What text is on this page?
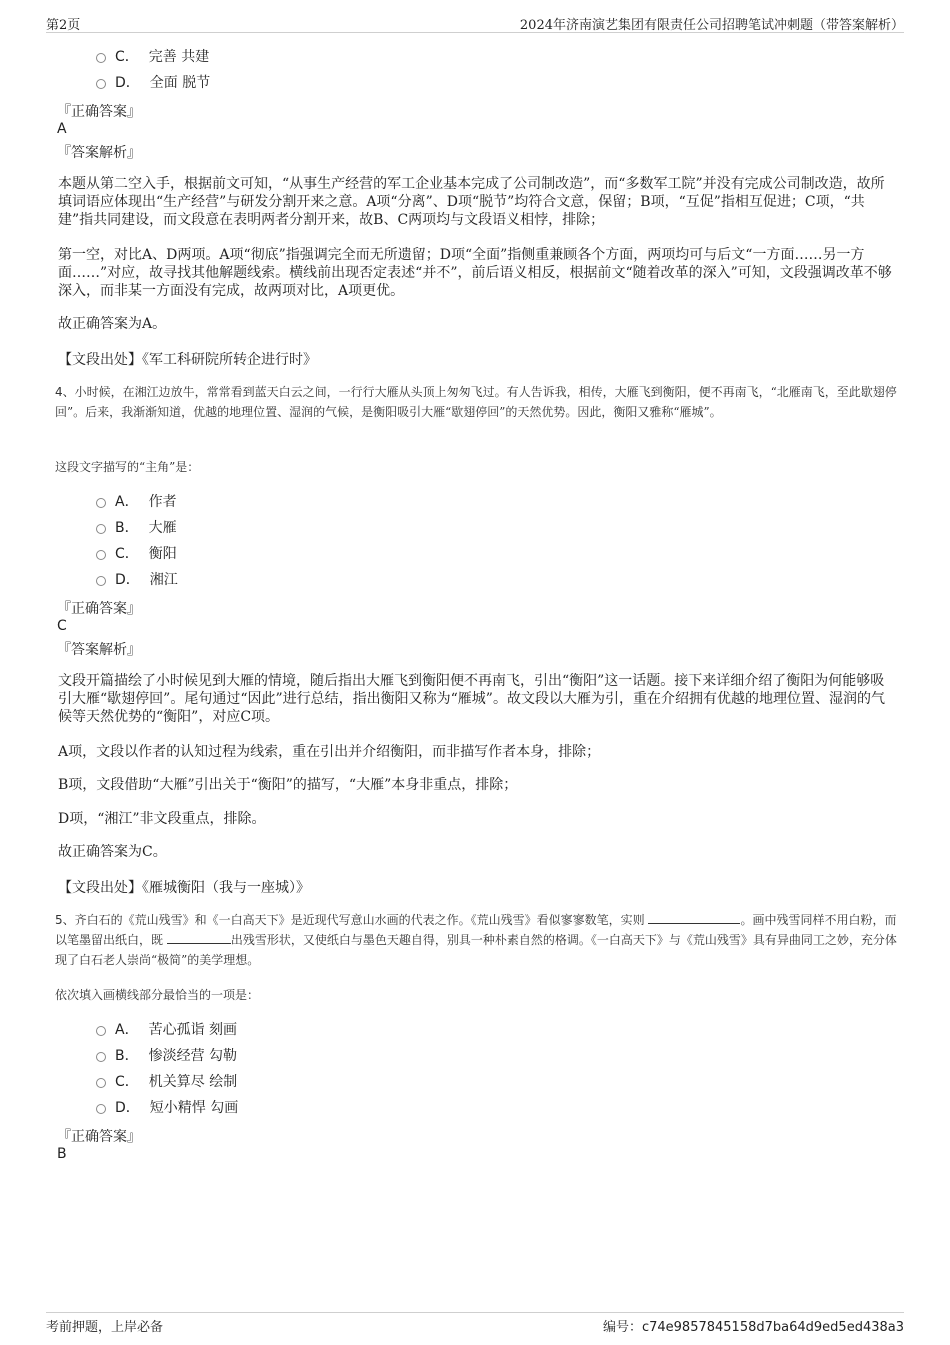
第2页	2024年济南演艺集团有限责任公司招聘笔试冲刺题（带答案解析）
C． 完善 共建
D． 全面 脱节
『正确答案』
A
『答案解析』
本题从第二空入手，根据前文可知，“从事生产经营的军工企业基本完成了公司制改造”，而“多数军工院”并没有完成公司制改造，故所填词语应体现出“生产经营”与研发分割开来之意。A项“分离”、D项“脱节”均符合文意，保留；B项，“互促”指相互促进；C项，“共建”指共同建设，而文段意在表明两者分割开来，故B、C两项均与文段语义相悖，排除；
第一空，对比A、D两项。A项“彻底”指强调完全而无所遗留；D项“全面”指侧重兼顾各个方面，两项均可与后文“一方面……另一方面……”对应，故寻找其他解题线索。横线前出现否定表述“并不”，前后语义相反，根据前文“随着改革的深入”可知，文段强调改革不够深入，而非某一方面没有完成，故两项对比，A项更优。
故正确答案为A。
【文段出处】《军工科研院所转企进行时》
4、小时候，在湘江边放牛，常常看到蓝天白云之间，一行行大雁从头顶上匆匆飞过。有人告诉我，相传，大雁飞到衡阳，便不再南飞，“北雁南飞，至此歇翅停回”。后来，我渐渐知道，优越的地理位置、湿润的气候，是衡阳吸引大雁“歇翅停回”的天然优势。因此，衡阳又雅称“雁城”。
这段文字描写的“主角”是：
A． 作者
B． 大雁
C． 衡阳
D． 湘江
『正确答案』
C
『答案解析』
文段开篇描绘了小时候见到大雁的情境，随后指出大雁飞到衡阳便不再南飞，引出“衡阳”这一话题。接下来详细介绍了衡阳为何能够吸引大雁“歇翅停回”。尾句通过“因此”进行总结，指出衡阳又称为“雁城”。故文段以大雁为引，重在介绍拥有优越的地理位置、湿润的气候等天然优势的“衡阳”，对应C项。
A项，文段以作者的认知过程为线索，重在引出并介绍衡阳，而非描写作者本身，排除；
B项，文段借助“大雁”引出关于“衡阳”的描写，“大雁”本身非重点，排除；
D项，“湘江”非文段重点，排除。
故正确答案为C。
【文段出处】《雁城衡阳（我与一座城）》
5、齐白石的《荒山残雪》和《一白高天下》是近现代写意山水画的代表之作。《荒山残雪》看似寥寥数笔，实则	。画中残雪同样不用白粉，而以笔墨留出纸白，既	出残雪形状，又使纸白与墨色天趣自得，别具一种朴素自然的格调。《一白高天下》与《荒山残雪》具有异曲同工之妙，充分体现了白石老人崇尚“极简”的美学理想。
依次填入画横线部分最恰当的一项是：
A． 苦心孤诣 刻画
B． 惨淡经营 勾勒
C． 机关算尽 绘制
D． 短小精悍 勾画
『正确答案』
B
考前押题，上岸必备	编号：c74e9857845158d7ba64d9ed5ed438a3
